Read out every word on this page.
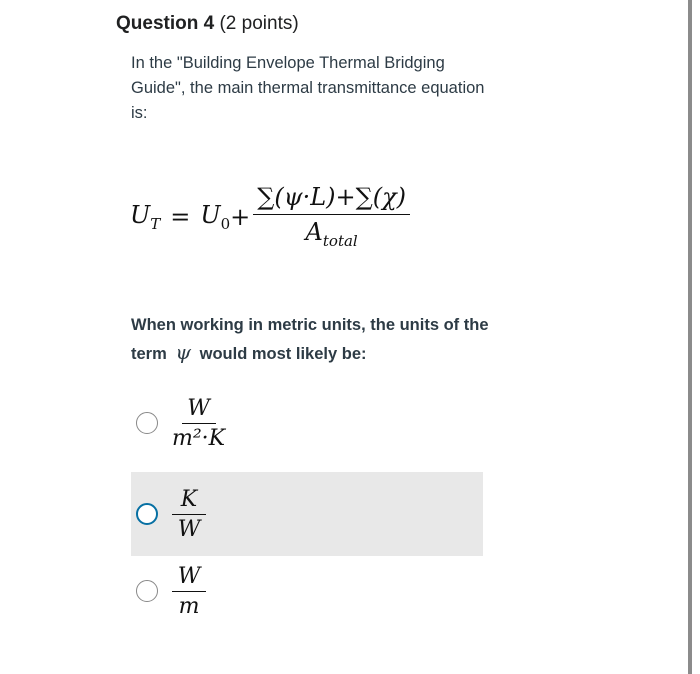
Question 4 (2 points)
In the "Building Envelope Thermal Bridging Guide", the main thermal transmittance equation is:
$U_T = U_0 + \frac{\sum(\psi\cdot L)+\sum(\chi)}{A_{total}}$
When working in metric units, the units of the term ψ would most likely be:
$\frac{W}{\text{m²·K}}$
$\frac{K}{W}$
$\frac{W}{m}$
